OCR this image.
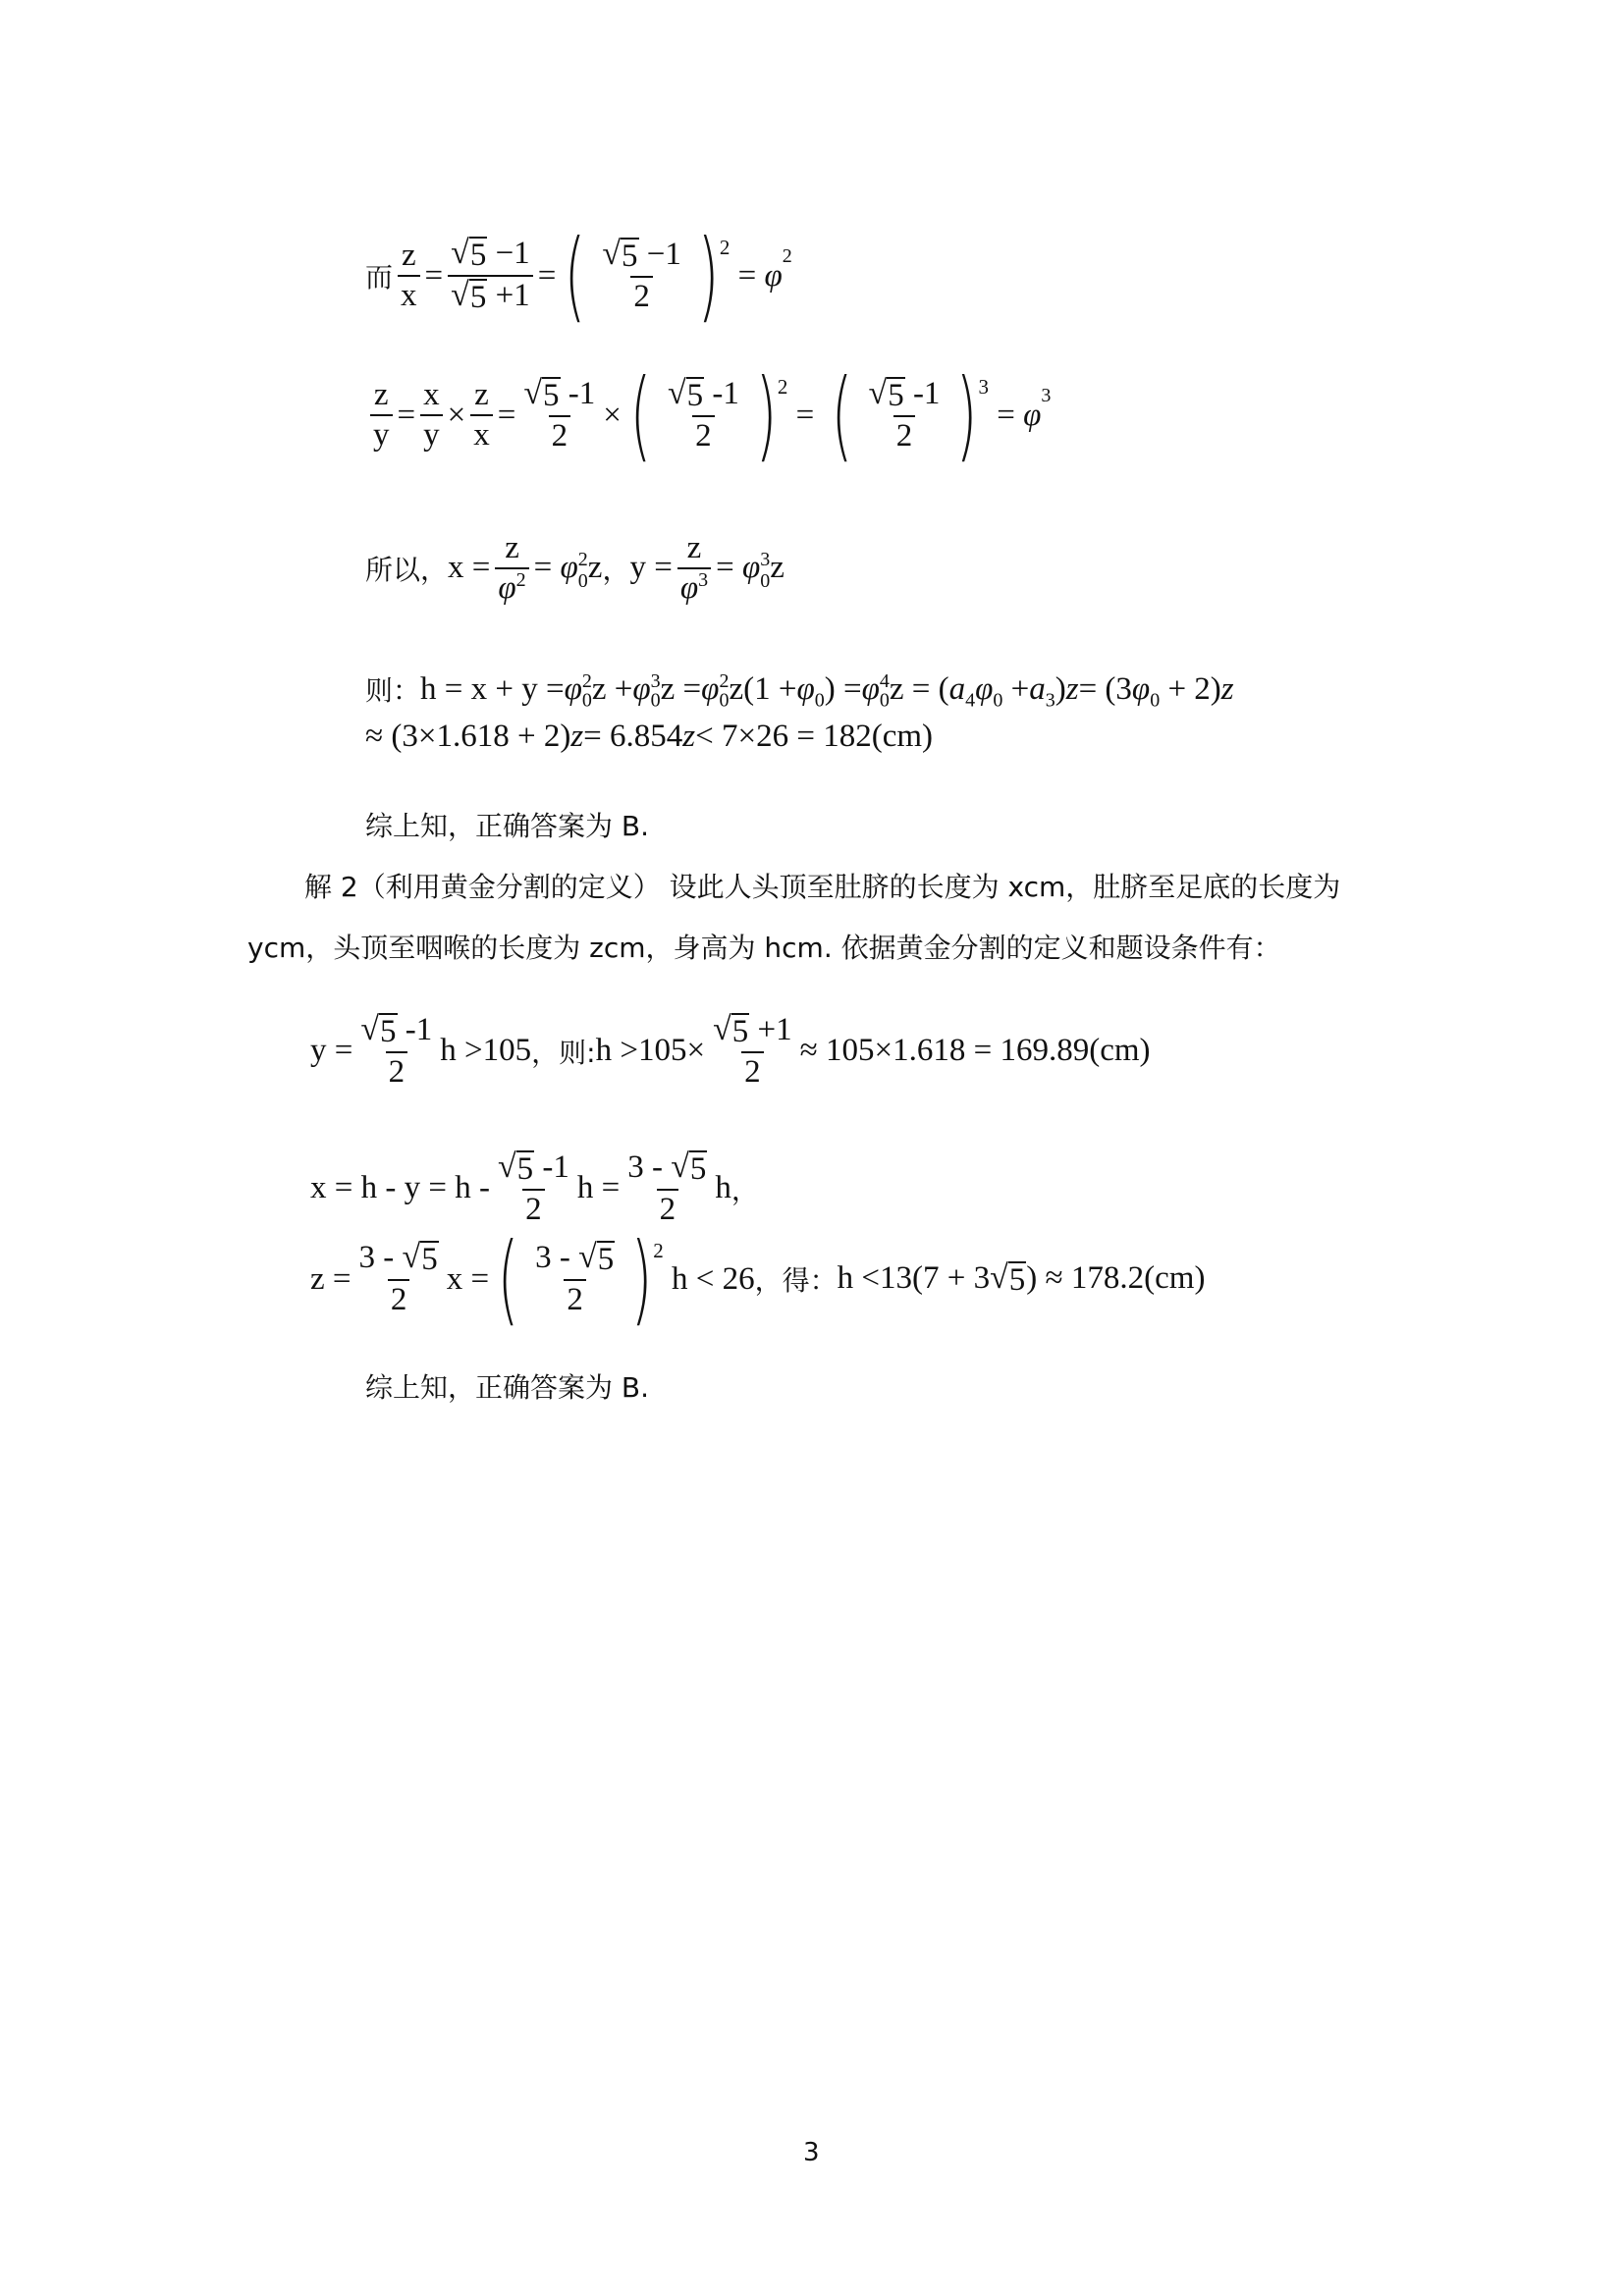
而 $\frac{z}{x} = \frac{√ 5 -1}{√ 5 +1}$ = ( $\frac{√ 5 -1}{2}$ ) 2
= φ
2
$\frac{z}{y} = \frac{x}{y} \times \frac{z}{x} = \frac{√ 5 -1}{2}$ × ( $\frac{√ 5 -1}{2}$ ) 2
= ( $\frac{√ 5 -1}{2}$ ) 3
= φ
3
所以， $x = \frac{z}{\varphi^2} = \varphi$ $_0^2$z ， $y = \frac{z}{\varphi^3} = \varphi$ $_0^3$z
则： h = x + y = φ $_0^2$z + φ $_0^3$z = φ $_0^2$z(1 + φ $_0$) = φ $_0^4$z = ( a $_4$ φ $_0$ + a $_3$) z = (3 φ $_0$ + 2) z
≈ (3×1.618 + 2) z = 6.854 z < 7×26 = 182(cm)
综上知，正确答案为 B.
解 2（利用黄金分割的定义） 设此人头顶至肚脐的长度为 xcm，肚脐至足底的长度为
ycm，头顶至咽喉的长度为 zcm，身高为 hcm. 依据黄金分割的定义和题设条件有：
$y = \frac{√ 5 -1}{2}$ h >105 ，则: $h >105\times \frac{√ 5 +1}{2} \approx 105\times 1.618 = 169.89(cm)$
$x = h - y = h - \frac{√ 5 -1}{2}$ $h = \frac{3 - √ 5}{2}$ h ，
$z = \frac{3 - √ 5}{2}$ x = ( $\frac{3 - √ 5}{2}$ ) 2
h < 26 ，得： h <13(7 + 3 √ 5 ) ≈ 178.2(cm)
综上知，正确答案为 B.
3
